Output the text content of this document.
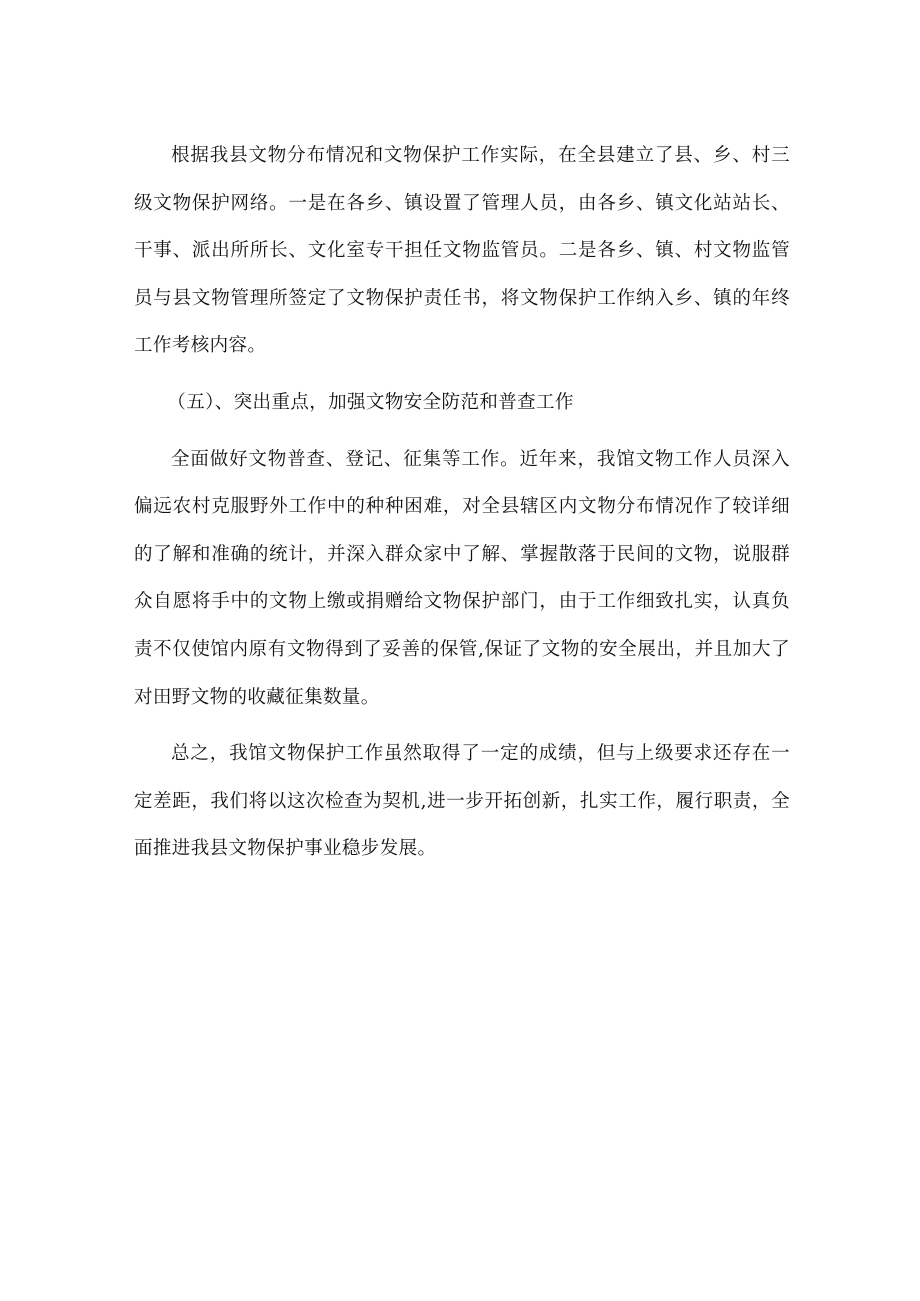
根据我县文物分布情况和文物保护工作实际，在全县建立了县、乡、村三级文物保护网络。一是在各乡、镇设置了管理人员，由各乡、镇文化站站长、干事、派出所所长、文化室专干担任文物监管员。二是各乡、镇、村文物监管员与县文物管理所签定了文物保护责任书，将文物保护工作纳入乡、镇的年终工作考核内容。

（五）、突出重点，加强文物安全防范和普查工作

全面做好文物普查、登记、征集等工作。近年来，我馆文物工作人员深入偏远农村克服野外工作中的种种困难，对全县辖区内文物分布情况作了较详细的了解和准确的统计，并深入群众家中了解、掌握散落于民间的文物，说服群众自愿将手中的文物上缴或捐赠给文物保护部门，由于工作细致扎实，认真负责不仅使馆内原有文物得到了妥善的保管,保证了文物的安全展出，并且加大了对田野文物的收藏征集数量。

总之，我馆文物保护工作虽然取得了一定的成绩，但与上级要求还存在一定差距，我们将以这次检查为契机,进一步开拓创新，扎实工作，履行职责，全面推进我县文物保护事业稳步发展。
